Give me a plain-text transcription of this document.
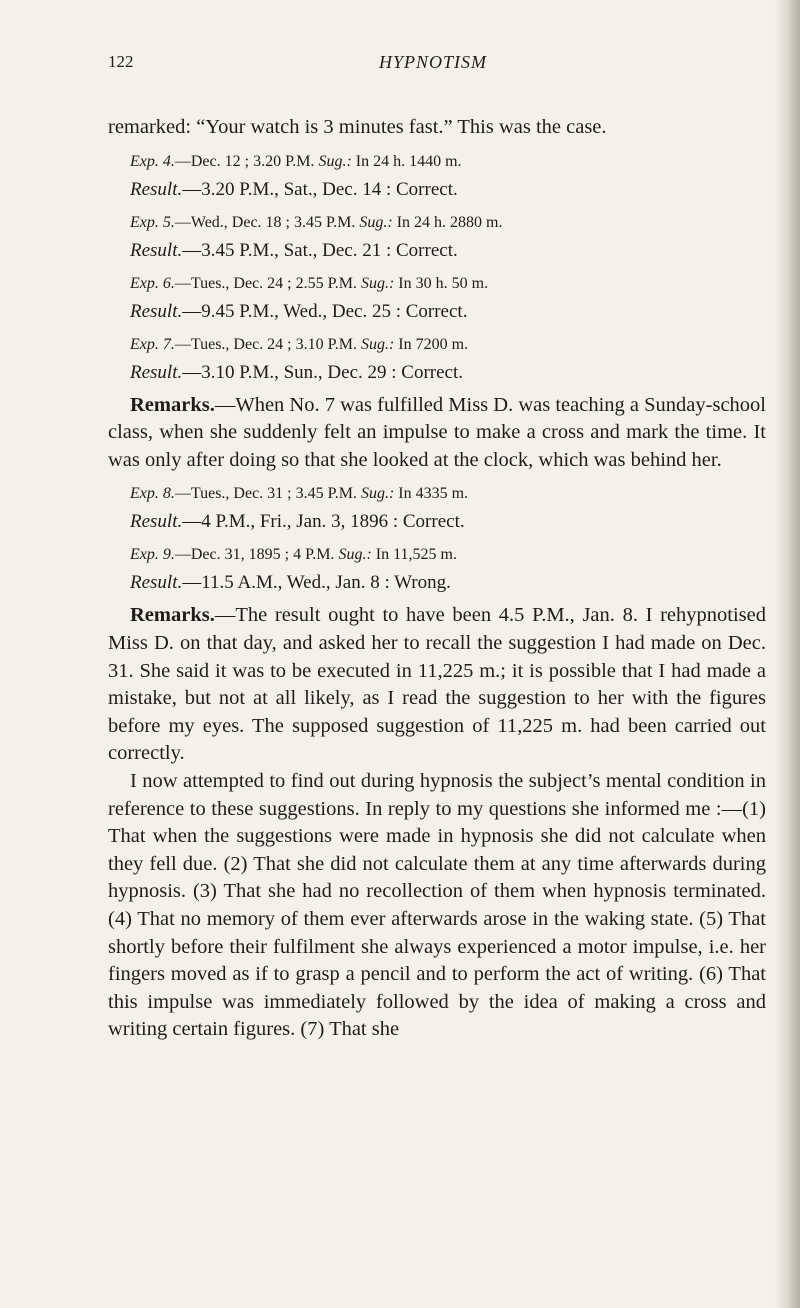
122	HYPNOTISM

remarked: “Your watch is 3 minutes fast.” This was the case.

Exp. 4.—Dec. 12 ; 3.20 P.M. Sug.: In 24 h. 1440 m.

Result.—3.20 P.M., Sat., Dec. 14 : Correct.

Exp. 5.—Wed., Dec. 18 ; 3.45 P.M. Sug.: In 24 h. 2880 m.

Result.—3.45 P.M., Sat., Dec. 21 : Correct.

Exp. 6.—Tues., Dec. 24 ; 2.55 P.M. Sug.: In 30 h. 50 m.

Result.—9.45 P.M., Wed., Dec. 25 : Correct.

Exp. 7.—Tues., Dec. 24 ; 3.10 P.M. Sug.: In 7200 m.

Result.—3.10 P.M., Sun., Dec. 29 : Correct.

Remarks.—When No. 7 was fulfilled Miss D. was teaching a Sunday-school class, when she suddenly felt an impulse to make a cross and mark the time. It was only after doing so that she looked at the clock, which was behind her.

Exp. 8.—Tues., Dec. 31 ; 3.45 P.M. Sug.: In 4335 m.

Result.—4 P.M., Fri., Jan. 3, 1896 : Correct.

Exp. 9.—Dec. 31, 1895 ; 4 P.M. Sug.: In 11,525 m.

Result.—11.5 A.M., Wed., Jan. 8 : Wrong.

Remarks.—The result ought to have been 4.5 P.M., Jan. 8. I rehypnotised Miss D. on that day, and asked her to recall the suggestion I had made on Dec. 31. She said it was to be executed in 11,225 m.; it is possible that I had made a mistake, but not at all likely, as I read the suggestion to her with the figures before my eyes. The supposed suggestion of 11,225 m. had been carried out correctly.

I now attempted to find out during hypnosis the subject’s mental condition in reference to these suggestions. In reply to my questions she informed me :—(1) That when the suggestions were made in hypnosis she did not calculate when they fell due. (2) That she did not calculate them at any time afterwards during hypnosis. (3) That she had no recollection of them when hypnosis terminated. (4) That no memory of them ever afterwards arose in the waking state. (5) That shortly before their fulfilment she always experienced a motor impulse, i.e. her fingers moved as if to grasp a pencil and to perform the act of writing. (6) That this impulse was immediately followed by the idea of making a cross and writing certain figures. (7) That she
